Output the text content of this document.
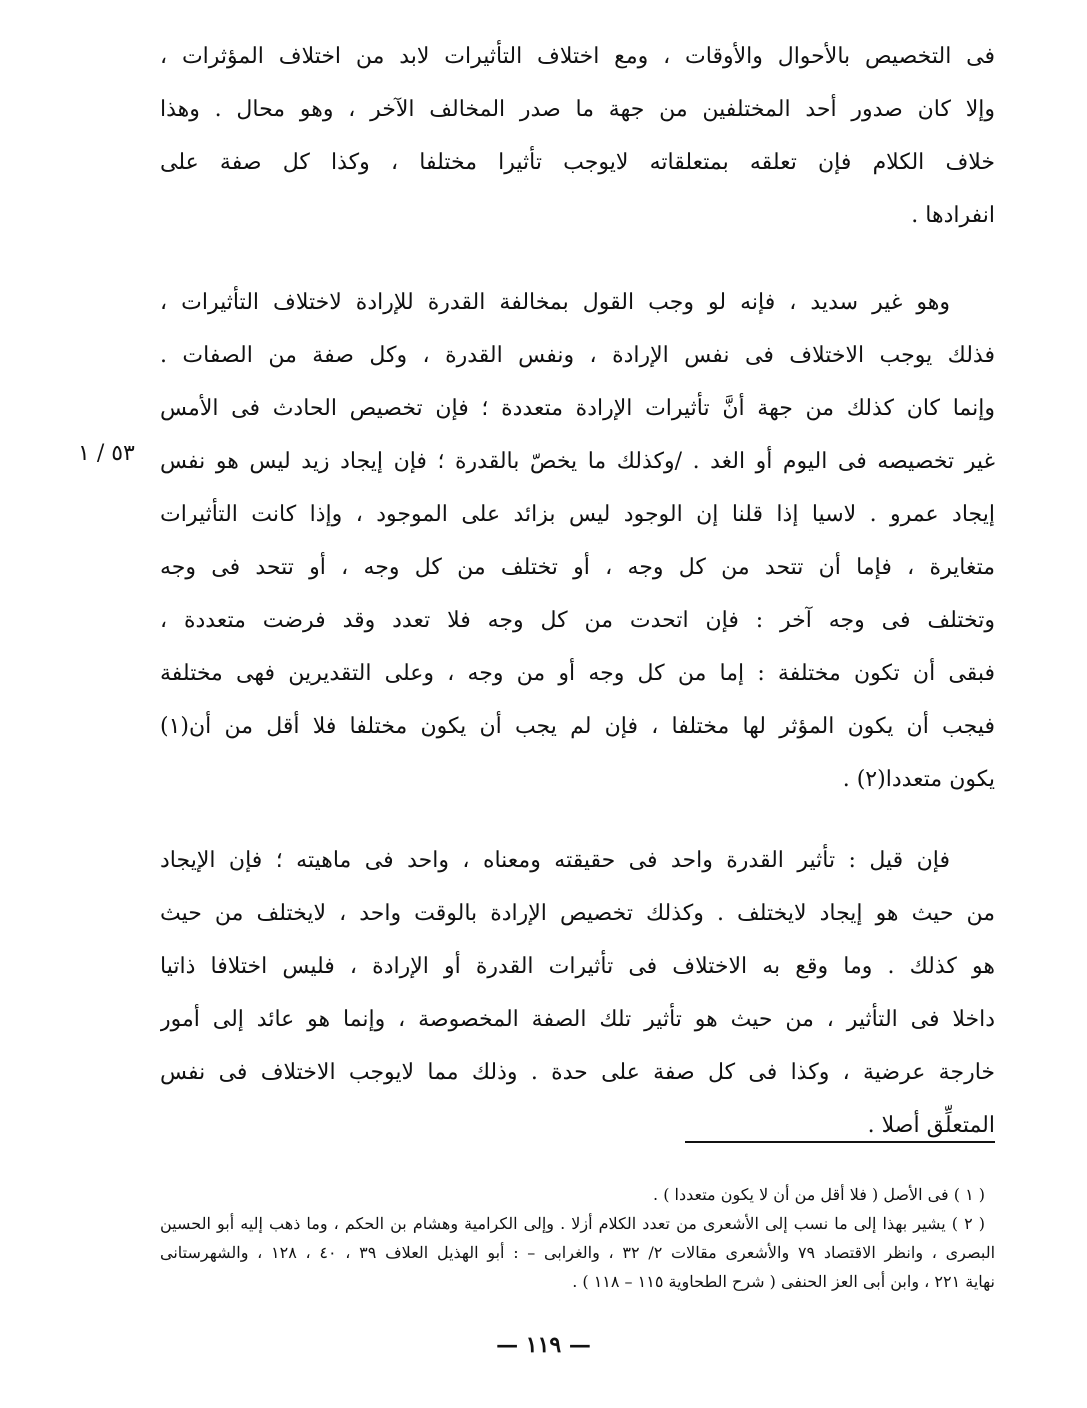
فى التخصيص بالأحوال والأوقات ، ومع اختلاف التأثيرات لابد من اختلاف المؤثرات ،
وإلا كان صدور أحد المختلفين من جهة ما صدر المخالف الآخر ، وهو محال . وهذا
خلاف الكلام فإن تعلقه بمتعلقاته لايوجب تأثيرا مختلفا ، وكذا كل صفة على
انفرادها .
وهو غير سديد ، فإنه لو وجب القول بمخالفة القدرة للإرادة لاختلاف التأثيرات ،
فذلك يوجب الاختلاف فى نفس الإرادة ، ونفس القدرة ، وكل صفة من الصفات .
وإنما كان كذلك من جهة أنَّ تأثيرات الإرادة متعددة ؛ فإن تخصيص الحادث فى الأمس
غير تخصيصه فى اليوم أو الغد . /وكذلك ما يخصّ بالقدرة ؛ فإن إيجاد زيد ليس هو نفس
إيجاد عمرو . لاسيا إذا قلنا إن الوجود ليس بزائد على الموجود ، وإذا كانت التأثيرات
متغايرة ، فإما أن تتحد من كل وجه ، أو تختلف من كل وجه ، أو تتحد فى وجه
وتختلف فى وجه آخر : فإن اتحدت من كل وجه فلا تعدد وقد فرضت متعددة ،
فبقى أن تكون مختلفة : إما من كل وجه أو من وجه ، وعلى التقديرين فهى مختلفة
فيجب أن يكون المؤثر لها مختلفا ، فإن لم يجب أن يكون مختلفا فلا أقل من أن(١)
يكون متعددا(٢) .
فإن قيل : تأثير القدرة واحد فى حقيقته ومعناه ، واحد فى ماهيته ؛ فإن الإيجاد
من حيث هو إيجاد لايختلف . وكذلك تخصيص الإرادة بالوقت واحد ، لايختلف من حيث
هو كذلك . وما وقع به الاختلاف فى تأثيرات القدرة أو الإرادة ، فليس اختلافا ذاتيا
داخلا فى التأثير ، من حيث هو تأثير تلك الصفة المخصوصة ، وإنما هو عائد إلى أمور
خارجة عرضية ، وكذا فى كل صفة على حدة . وذلك مما لايوجب الاختلاف فى نفس
المتعلِّق أصلا .
٥٣ / ١
( ١ ) فى الأصل ( فلا أقل من أن لا يكون متعددا ) .
( ٢ ) يشير بهذا إلى ما نسب إلى الأشعرى من تعدد الكلام أزلا . وإلى الكرامية وهشام بن الحكم ، وما ذهب إليه أبو الحسين
البصرى ، وانظر الاقتصاد ٧٩ والأشعرى مقالات ٢/ ٣٢ ، والغرابى – : أبو الهذيل العلاف ٣٩ ، ٤٠ ، ١٢٨ ، والشهرستانى
نهاية ٢٢١ ، وابن أبى العز الحنفى ( شرح الطحاوية ١١٥ – ١١٨ ) .
— ١١٩ —
